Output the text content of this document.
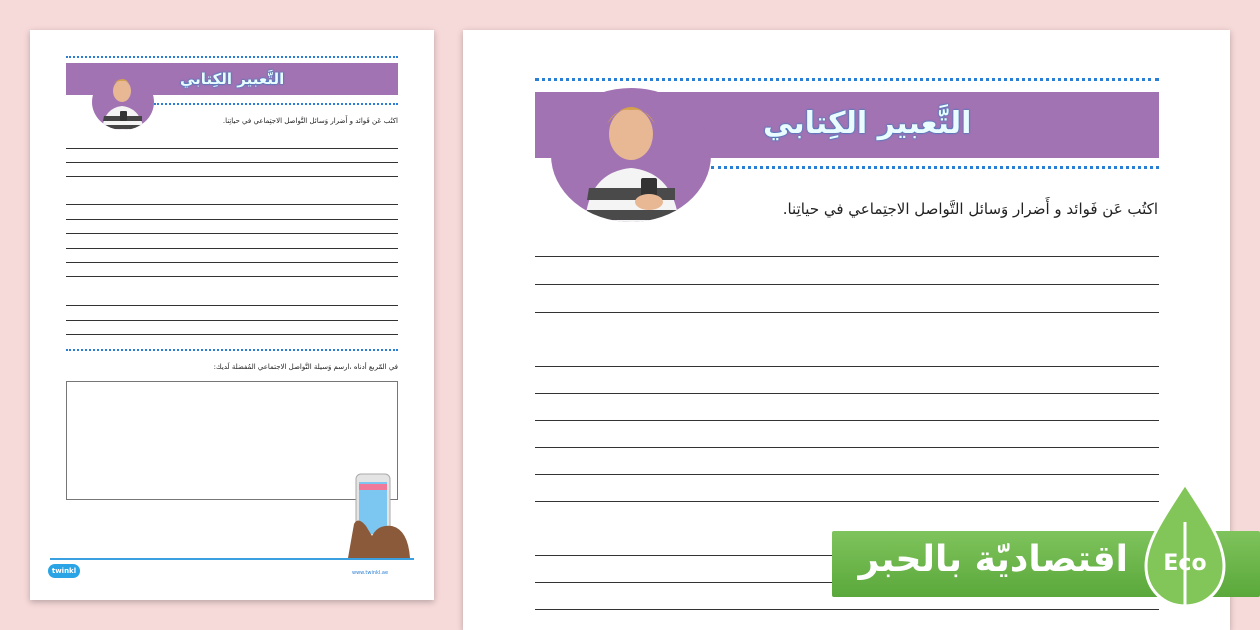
التَّعبير الكِتابي
اكتُب عَن فَوائد و أَضرار وَسائل التَّواصل الاجتِماعي في حياتِنا.
في المّربع أدناه ،ارسم وَسيلة التَّواصل الاجتماعي المُفضلة لَديك:
twinkl	www.twinkl.ae
التَّعبير الكِتابي
اكتُب عَن فَوائد و أَضرار وَسائل التَّواصل الاجتِماعي في حياتِنا.
اقتصاديّة بالحبر Eco
